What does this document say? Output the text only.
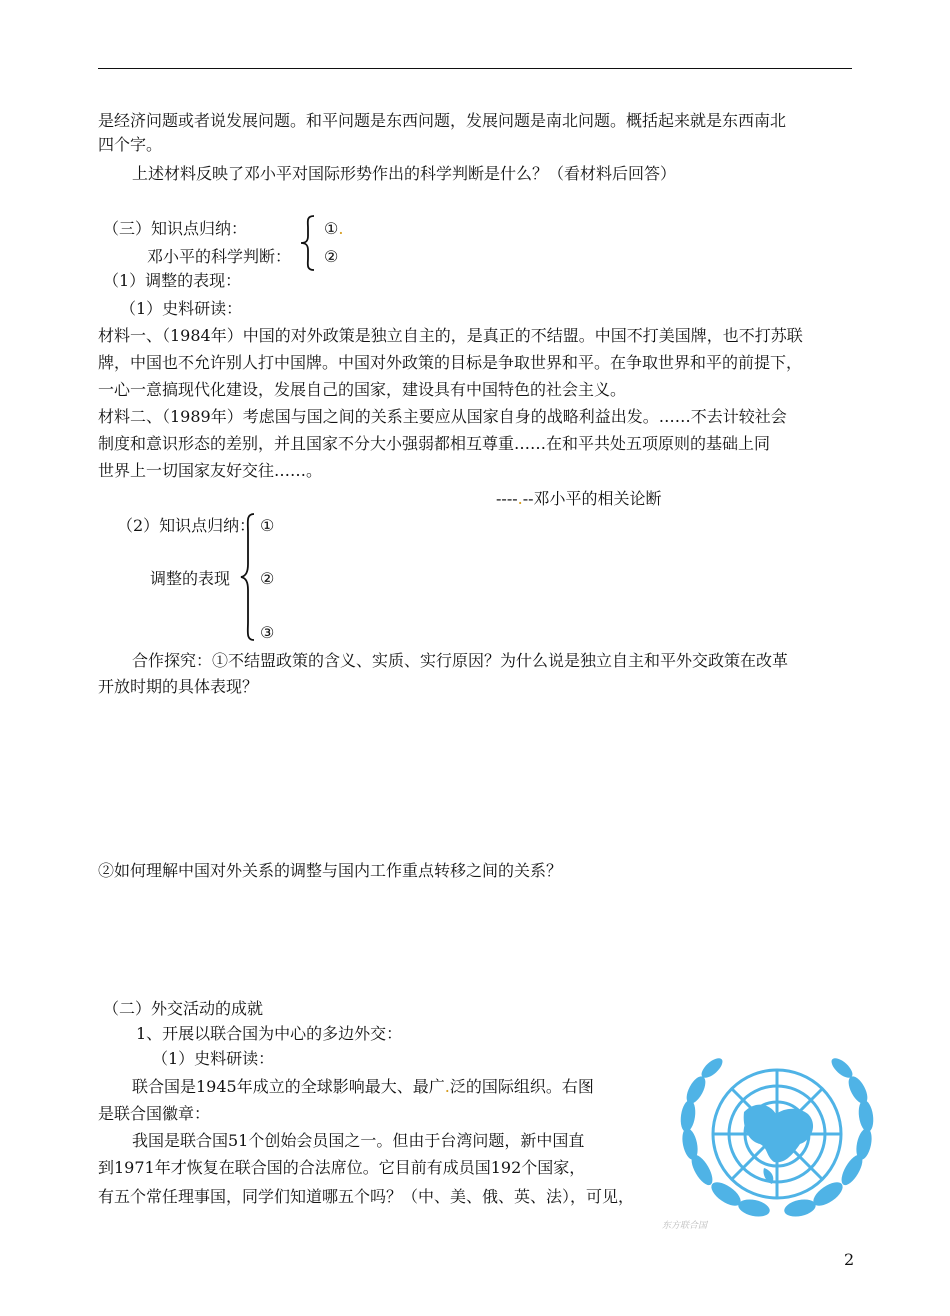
是经济问题或者说发展问题。和平问题是东西问题，发展问题是南北问题。概括起来就是东西南北
四个字。
上述材料反映了邓小平对国际形势作出的科学判断是什么？（看材料后回答）
（三）知识点归纳：
邓小平的科学判断：
①.
②
（1）调整的表现：
（1）史料研读：
材料一、（1984年）中国的对外政策是独立自主的，是真正的不结盟。中国不打美国牌，也不打苏联
牌，中国也不允许别人打中国牌。中国对外政策的目标是争取世界和平。在争取世界和平的前提下，
一心一意搞现代化建设，发展自己的国家，建设具有中国特色的社会主义。
材料二、（1989年）考虑国与国之间的关系主要应从国家自身的战略利益出发。……不去计较社会
制度和意识形态的差别，并且国家不分大小强弱都相互尊重……在和平共处五项原则的基础上同
世界上一切国家友好交往……。
----.--邓小平的相关论断
（2）知识点归纳： ①
调整的表现 ②
③
合作探究：①不结盟政策的含义、实质、实行原因？为什么说是独立自主和平外交政策在改革
开放时期的具体表现？
②如何理解中国对外关系的调整与国内工作重点转移之间的关系？
（二）外交活动的成就
1、开展以联合国为中心的多边外交：
（1）史料研读：
联合国是1945年成立的全球影响最大、最广.泛的国际组织。右图
是联合国徽章：
我国是联合国51个创始会员国之一。但由于台湾问题，新中国直
到1971年才恢复在联合国的合法席位。它目前有成员国192个国家，
有五个常任理事国，同学们知道哪五个吗？（中、美、俄、英、法），可见，
东方联合国
2
